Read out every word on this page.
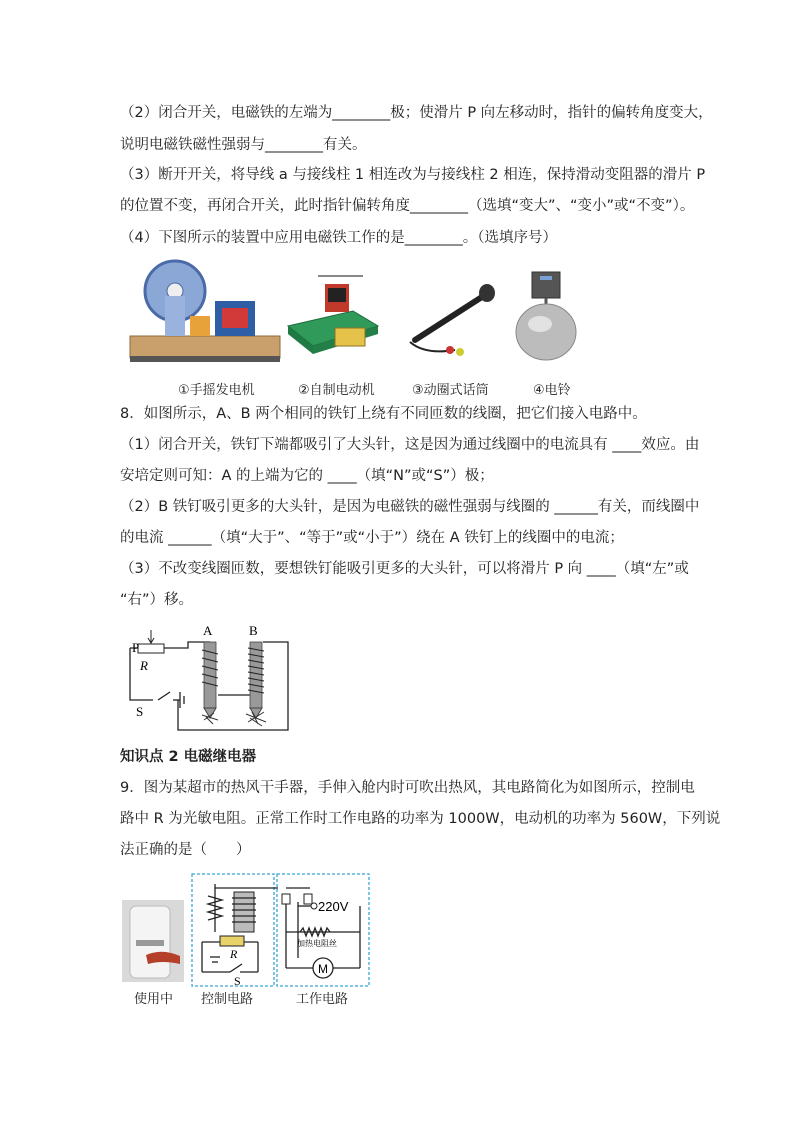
（2）闭合开关，电磁铁的左端为________极；使滑片 P 向左移动时，指针的偏转角度变大，
说明电磁铁磁性强弱与________有关。
（3）断开开关，将导线 a 与接线柱 1 相连改为与接线柱 2 相连，保持滑动变阻器的滑片 P
的位置不变，再闭合开关，此时指针偏转角度________（选填“变大”、“变小”或“不变”）。
（4）下图所示的装置中应用电磁铁工作的是________。（选填序号）
①手摇发电机	②自制电动机	③动圈式话筒	④电铃
8．如图所示，A、B 两个相同的铁钉上绕有不同匝数的线圈，把它们接入电路中。
（1）闭合开关，铁钉下端都吸引了大头针，这是因为通过线圈中的电流具有 ____效应。由
安培定则可知：A 的上端为它的 ____（填“N”或“S”）极；
（2）B 铁钉吸引更多的大头针，是因为电磁铁的磁性强弱与线圈的 ______有关，而线圈中
的电流 ______（填“大于”、“等于”或“小于”）绕在 A 铁钉上的线圈中的电流；
（3）不改变线圈匝数，要想铁钉能吸引更多的大头针，可以将滑片 P 向 ____（填“左”或
“右”）移。
A	B
P
R
S
知识点 2 电磁继电器
9．图为某超市的热风干手器，手伸入舱内时可吹出热风，其电路简化为如图所示，控制电
路中 R 为光敏电阻。正常工作时工作电路的功率为 1000W，电动机的功率为 560W，下列说
法正确的是（　　）
使用中
M
220V
加热电阻丝
R
S
控制电路	工作电路
